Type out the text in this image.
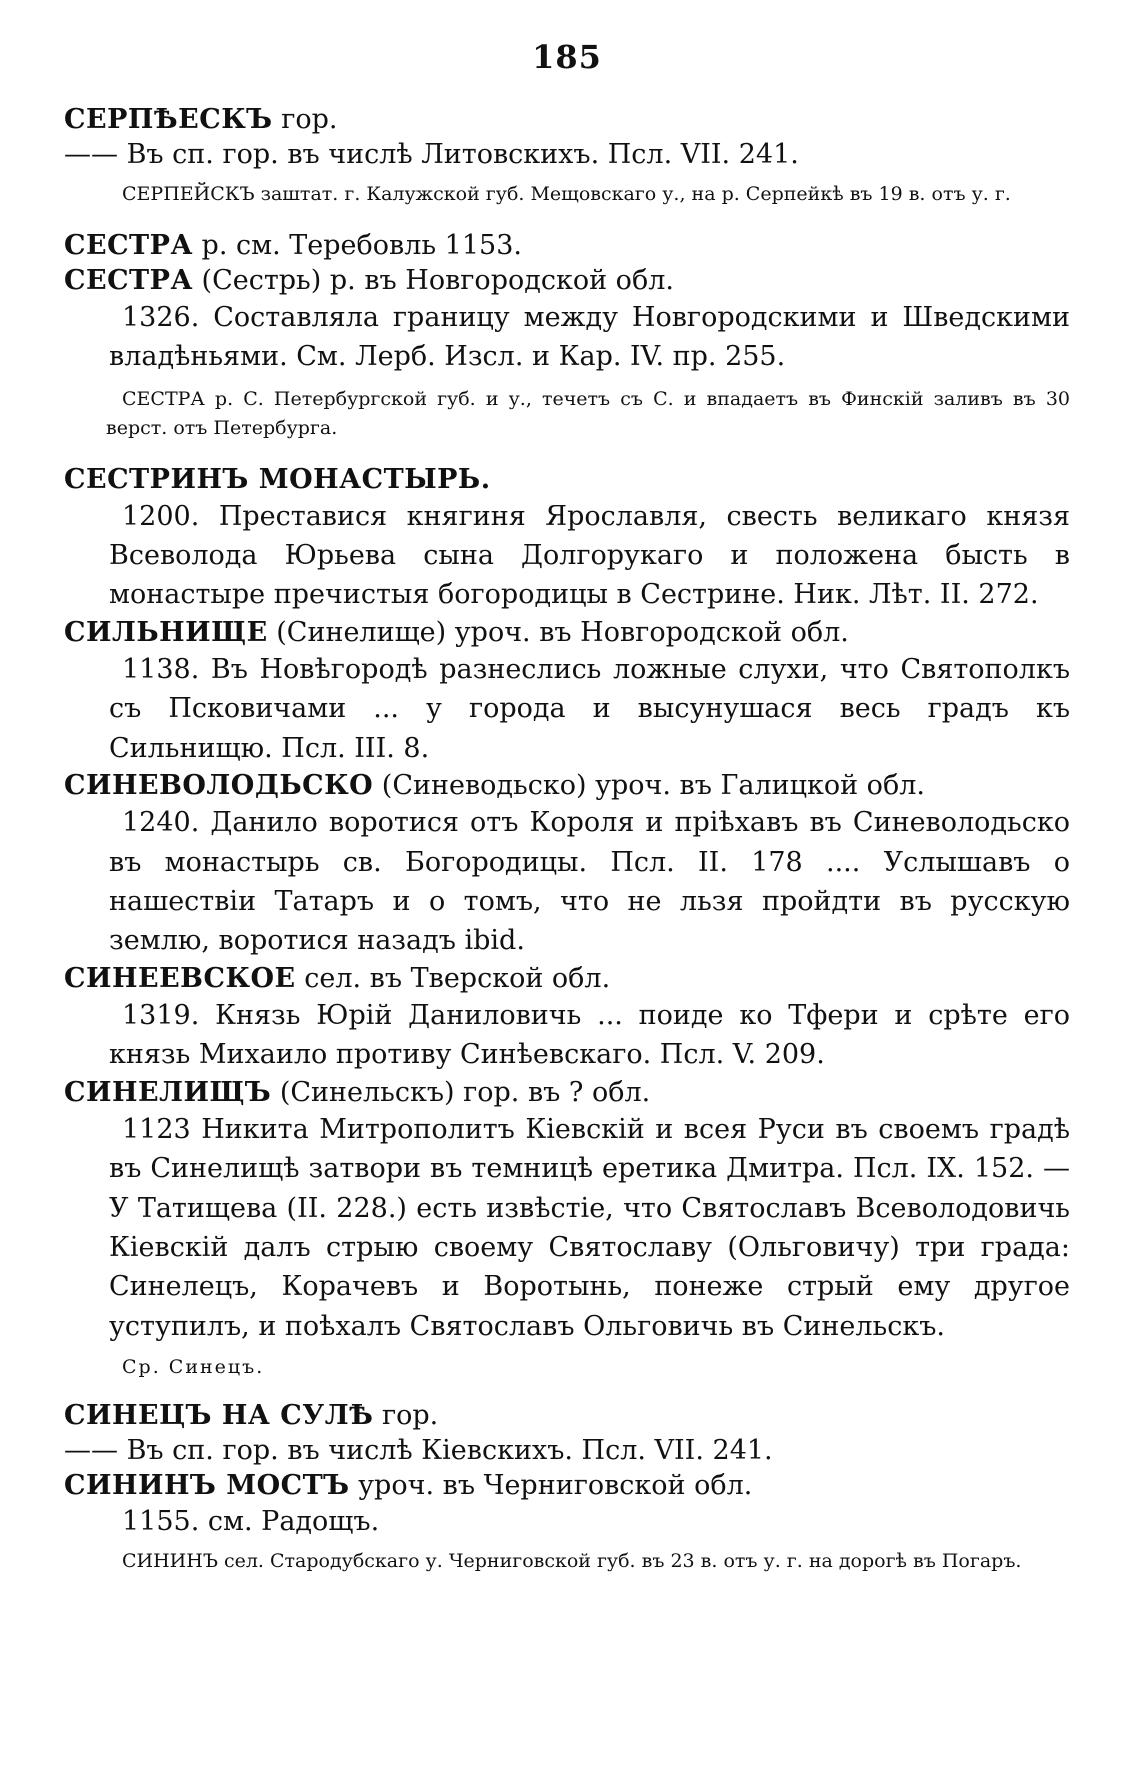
185

СЕРПѢЕСКЪ гор.

—— Въ сп. гор. въ числѣ Литовскихъ. Псл. VII. 241.

СЕРПЕЙСКЪ заштат. г. Калужской губ. Мещовскаго у., на р. Серпейкѣ въ 19 в. отъ у. г.

СЕСТРА р. см. Теребовль 1153.

СЕСТРА (Сестрь) р. въ Новгородской обл.

1326. Составляла границу между Новгородскими и Шведскими владѣньями. См. Лерб. Изсл. и Кар. IV. пр. 255.

СЕСТРА р. С. Петербургской губ. и у., течетъ съ С. и впадаетъ въ Финскій заливъ въ 30 верст. отъ Петербурга.

СЕСТРИНЪ МОНАСТЫРЬ.

1200. Преставися княгиня Ярославля, свесть великаго князя Всеволода Юрьева сына Долгорукаго и положена бысть в монастыре пречистыя богородицы в Сестрине. Ник. Лѣт. II. 272.

СИЛЬНИЩЕ (Синелище) уроч. въ Новгородской обл.

1138. Въ Новѣгородѣ разнеслись ложные слухи, что Святополкъ съ Псковичами ... у города и высунушася весь градъ къ Сильнищю. Псл. III. 8.

СИНЕВОЛОДЬСКО (Синеводьско) уроч. въ Галицкой обл.

1240. Данило воротися отъ Короля и пріѣхавъ въ Синеволодьско въ монастырь св. Богородицы. Псл. II. 178 .... Услышавъ о нашествіи Татаръ и о томъ, что не льзя пройдти въ русскую землю, воротися назадъ ibid.

СИНЕЕВСКОЕ сел. въ Тверской обл.

1319. Князь Юрій Даниловичь ... поиде ко Тфери и срѣте его князь Михаило противу Синѣевскаго. Псл. V. 209.

СИНЕЛИЩЪ (Синельскъ) гор. въ ? обл.

1123 Никита Митрополитъ Кіевскій и всея Руси въ своемъ градѣ въ Синелищѣ затвори въ темницѣ еретика Дмитра. Псл. IX. 152. — У Татищева (II. 228.) есть извѣстіе, что Святославъ Всеволодовичь Кіевскій далъ стрыю своему Святославу (Ольговичу) три града: Синелецъ, Корачевъ и Воротынь, понеже стрый ему другое уступилъ, и поѣхалъ Святославъ Ольговичь въ Синельскъ.

Ср. Синецъ.

СИНЕЦЪ НА СУЛѢ гор.

—— Въ сп. гор. въ числѣ Кіевскихъ. Псл. VII. 241.

СИНИНЪ МОСТЪ уроч. въ Черниговской обл.

1155. см. Радощъ.

СИНИНЪ сел. Стародубскаго у. Черниговской губ. въ 23 в. отъ у. г. на дорогѣ въ Погаръ.
